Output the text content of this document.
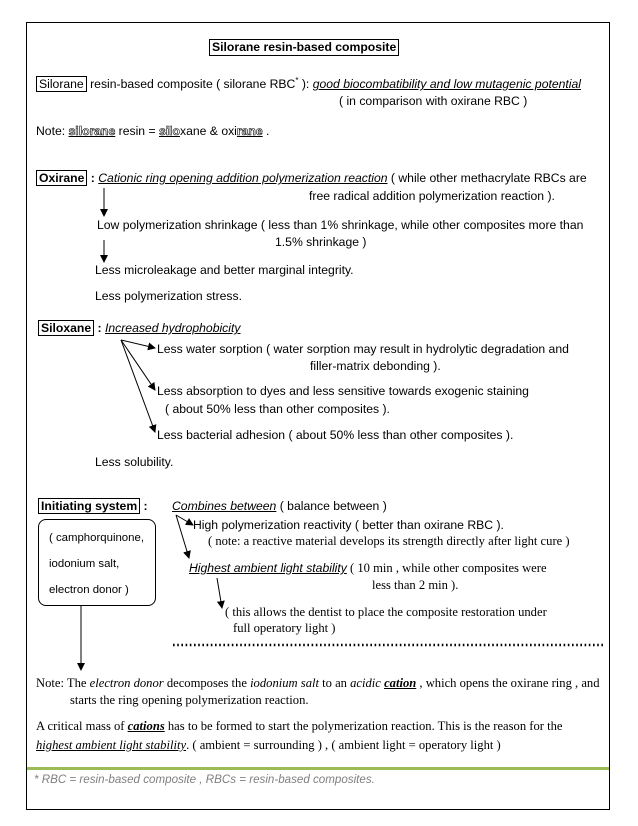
Silorane resin-based composite
Silorane resin-based composite ( silorane RBC* ): good biocombatibility and low mutagenic potential
( in comparison with oxirane RBC )
Note: silorane resin = siloxane & oxirane .
Oxirane : Cationic ring opening addition polymerization reaction ( while other methacrylate RBCs are
free radical addition polymerization reaction ).
Low polymerization shrinkage ( less than 1% shrinkage, while other composites more than
1.5% shrinkage )
Less microleakage and better marginal integrity.
Less polymerization stress.
Siloxane : Increased hydrophobicity
Less water sorption ( water sorption may result in hydrolytic degradation and
filler-matrix debonding ).
Less absorption to dyes and less sensitive towards exogenic staining
( about 50% less than other composites ).
Less bacterial adhesion ( about 50% less than other composites ).
Less solubility.
Initiating system : Combines between ( balance between )
( camphorquinone,
iodonium salt,
electron donor )
High polymerization reactivity ( better than oxirane RBC ).
( note: a reactive material develops its strength directly after light cure )
Highest ambient light stability ( 10 min , while other composites were
less than 2 min ).
( this allows the dentist to place the composite restoration under
full operatory light )
Note: The electron donor decomposes the iodonium salt to an acidic cation , which opens the oxirane ring , and
starts the ring opening polymerization reaction.
A critical mass of cations has to be formed to start the polymerization reaction. This is the reason for the
highest ambient light stability. ( ambient = surrounding ) , ( ambient light = operatory light )
* RBC = resin-based composite , RBCs = resin-based composites.
